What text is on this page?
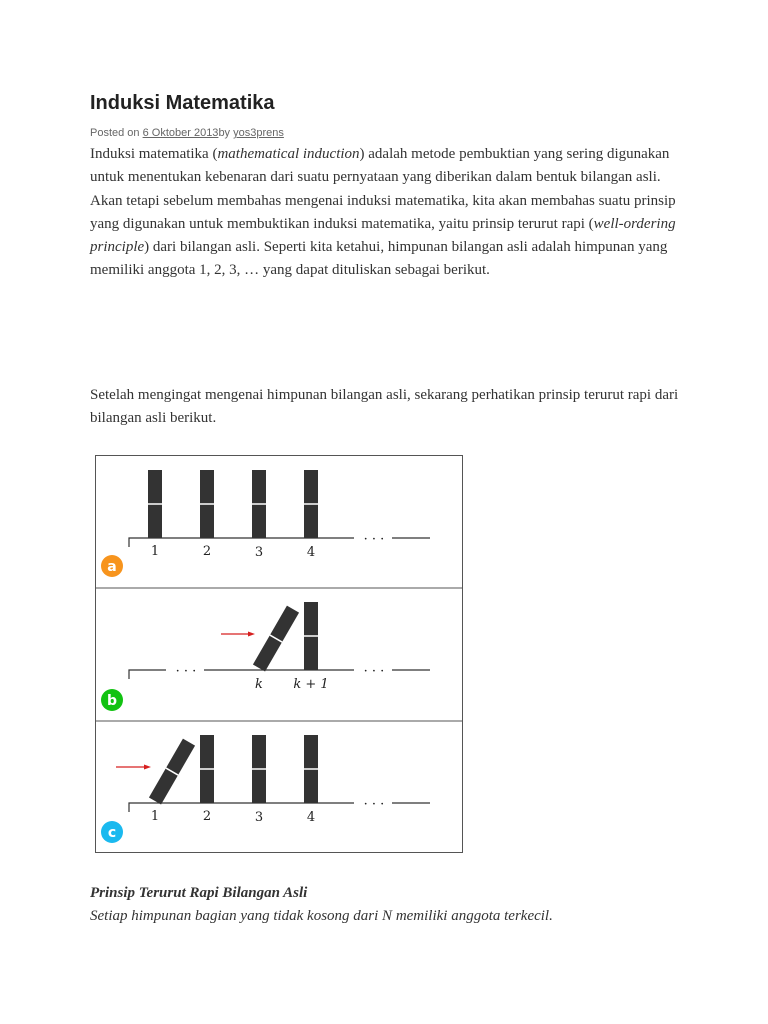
Induksi Matematika
Posted on 6 Oktober 2013by yos3prens

Induksi matematika (mathematical induction) adalah metode pembuktian yang sering digunakan untuk menentukan kebenaran dari suatu pernyataan yang diberikan dalam bentuk bilangan asli. Akan tetapi sebelum membahas mengenai induksi matematika, kita akan membahas suatu prinsip yang digunakan untuk membuktikan induksi matematika, yaitu prinsip terurut rapi (well-ordering principle) dari bilangan asli. Seperti kita ketahui, himpunan bilangan asli adalah himpunan yang memiliki anggota 1, 2, 3, … yang dapat dituliskan sebagai berikut.

Setelah mengingat mengenai himpunan bilangan asli, sekarang perhatikan prinsip terurut rapi dari bilangan asli berikut.

1	2	3	4
· · ·
a
· · ·
k k + 1
· · ·
b
1	2	3	4
· · ·
c

Prinsip Terurut Rapi Bilangan Asli

Setiap himpunan bagian yang tidak kosong dari N memiliki anggota terkecil.
